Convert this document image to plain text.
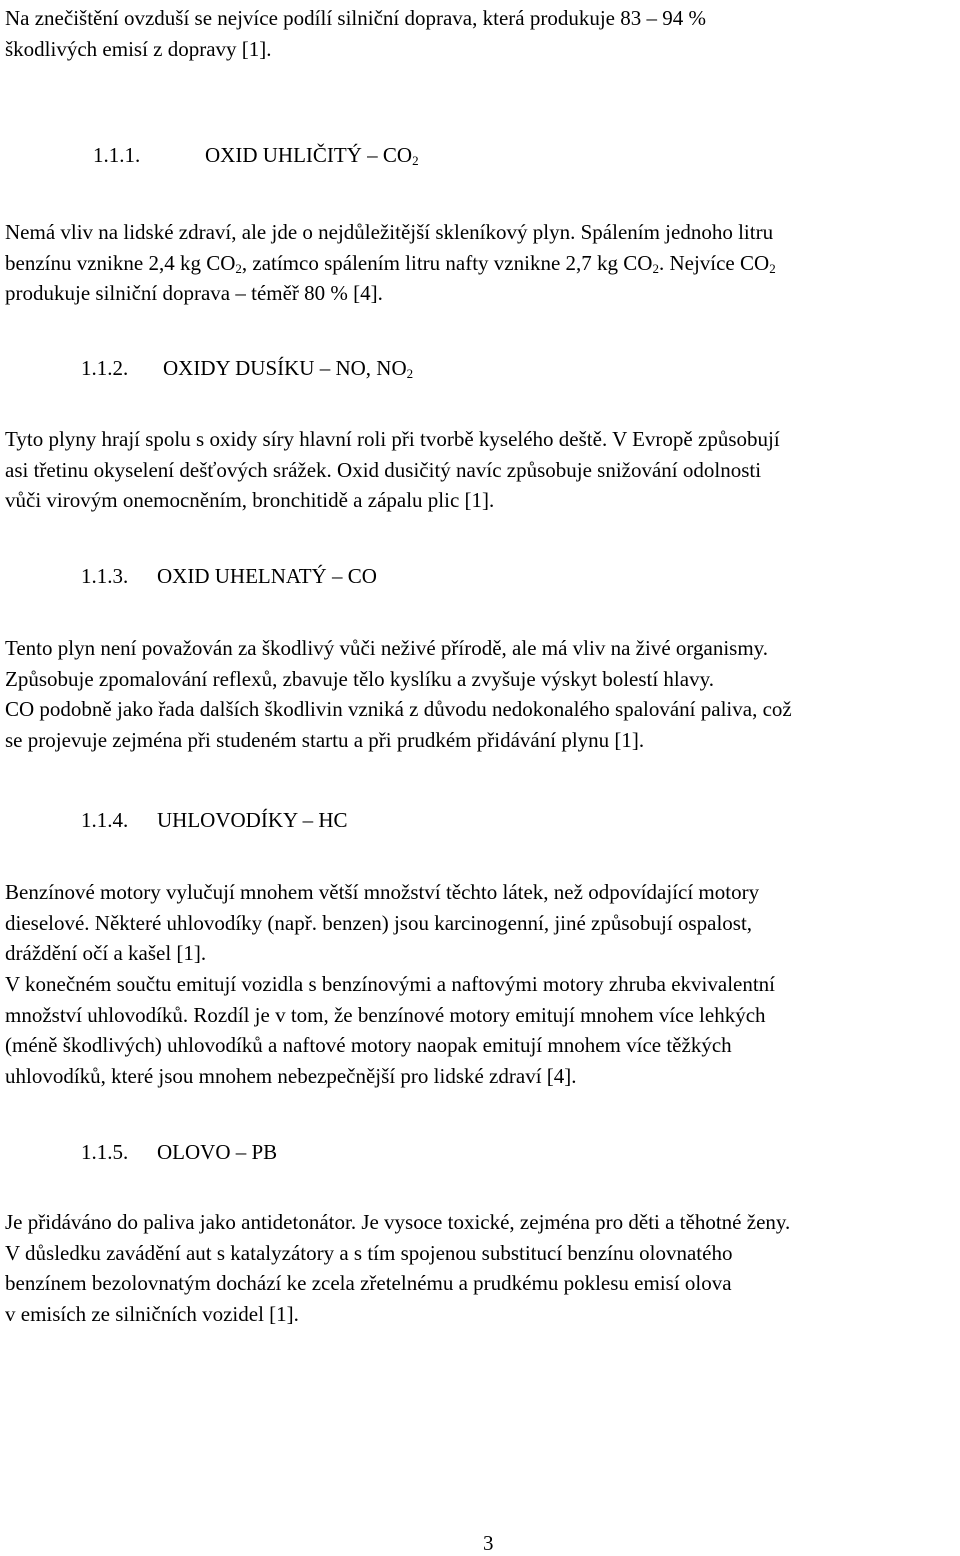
Na znečištění ovzduší se nejvíce podílí silniční doprava, která produkuje 83 – 94 %
škodlivých emisí z dopravy [1].
1.1.1.	OXID UHLIČITÝ – $CO_2$
Nemá vliv na lidské zdraví, ale jde o nejdůležitější skleníkový plyn. Spálením jednoho litru
benzínu vznikne 2,4 kg $CO_2$, zatímco spálením litru nafty vznikne 2,7 kg $CO_2$. Nejvíce $CO_2$
produkuje silniční doprava – téměř 80 % [4].
1.1.2. OXIDY DUSÍKU – NO, $NO_2$
Tyto plyny hrají spolu s oxidy síry hlavní roli při tvorbě kyselého deště. V Evropě způsobují
asi třetinu okyselení dešťových srážek. Oxid dusičitý navíc způsobuje snižování odolnosti
vůči virovým onemocněním, bronchitidě a zápalu plic [1].
1.1.3. OXID UHELNATÝ – CO
Tento plyn není považován za škodlivý vůči neživé přírodě, ale má vliv na živé organismy.
Způsobuje zpomalování reflexů, zbavuje tělo kyslíku a zvyšuje výskyt bolestí hlavy.
CO podobně jako řada dalších škodlivin vzniká z důvodu nedokonalého spalování paliva, což
se projevuje zejména při studeném startu a při prudkém přidávání plynu [1].
1.1.4. UHLOVODÍKY – HC
Benzínové motory vylučují mnohem větší množství těchto látek, než odpovídající motory
dieselové. Některé uhlovodíky (např. benzen) jsou karcinogenní, jiné způsobují ospalost,
dráždění očí a kašel [1].
V konečném součtu emitují vozidla s benzínovými a naftovými motory zhruba ekvivalentní
množství uhlovodíků. Rozdíl je v tom, že benzínové motory emitují mnohem více lehkých
(méně škodlivých) uhlovodíků a naftové motory naopak emitují mnohem více těžkých
uhlovodíků, které jsou mnohem nebezpečnější pro lidské zdraví [4].
1.1.5. OLOVO – PB
Je přidáváno do paliva jako antidetonátor. Je vysoce toxické, zejména pro děti a těhotné ženy.
V důsledku zavádění aut s katalyzátory a s tím spojenou substitucí benzínu olovnatého
benzínem bezolovnatým dochází ke zcela zřetelnému a prudkému poklesu emisí olova
v emisích ze silničních vozidel [1].
3
